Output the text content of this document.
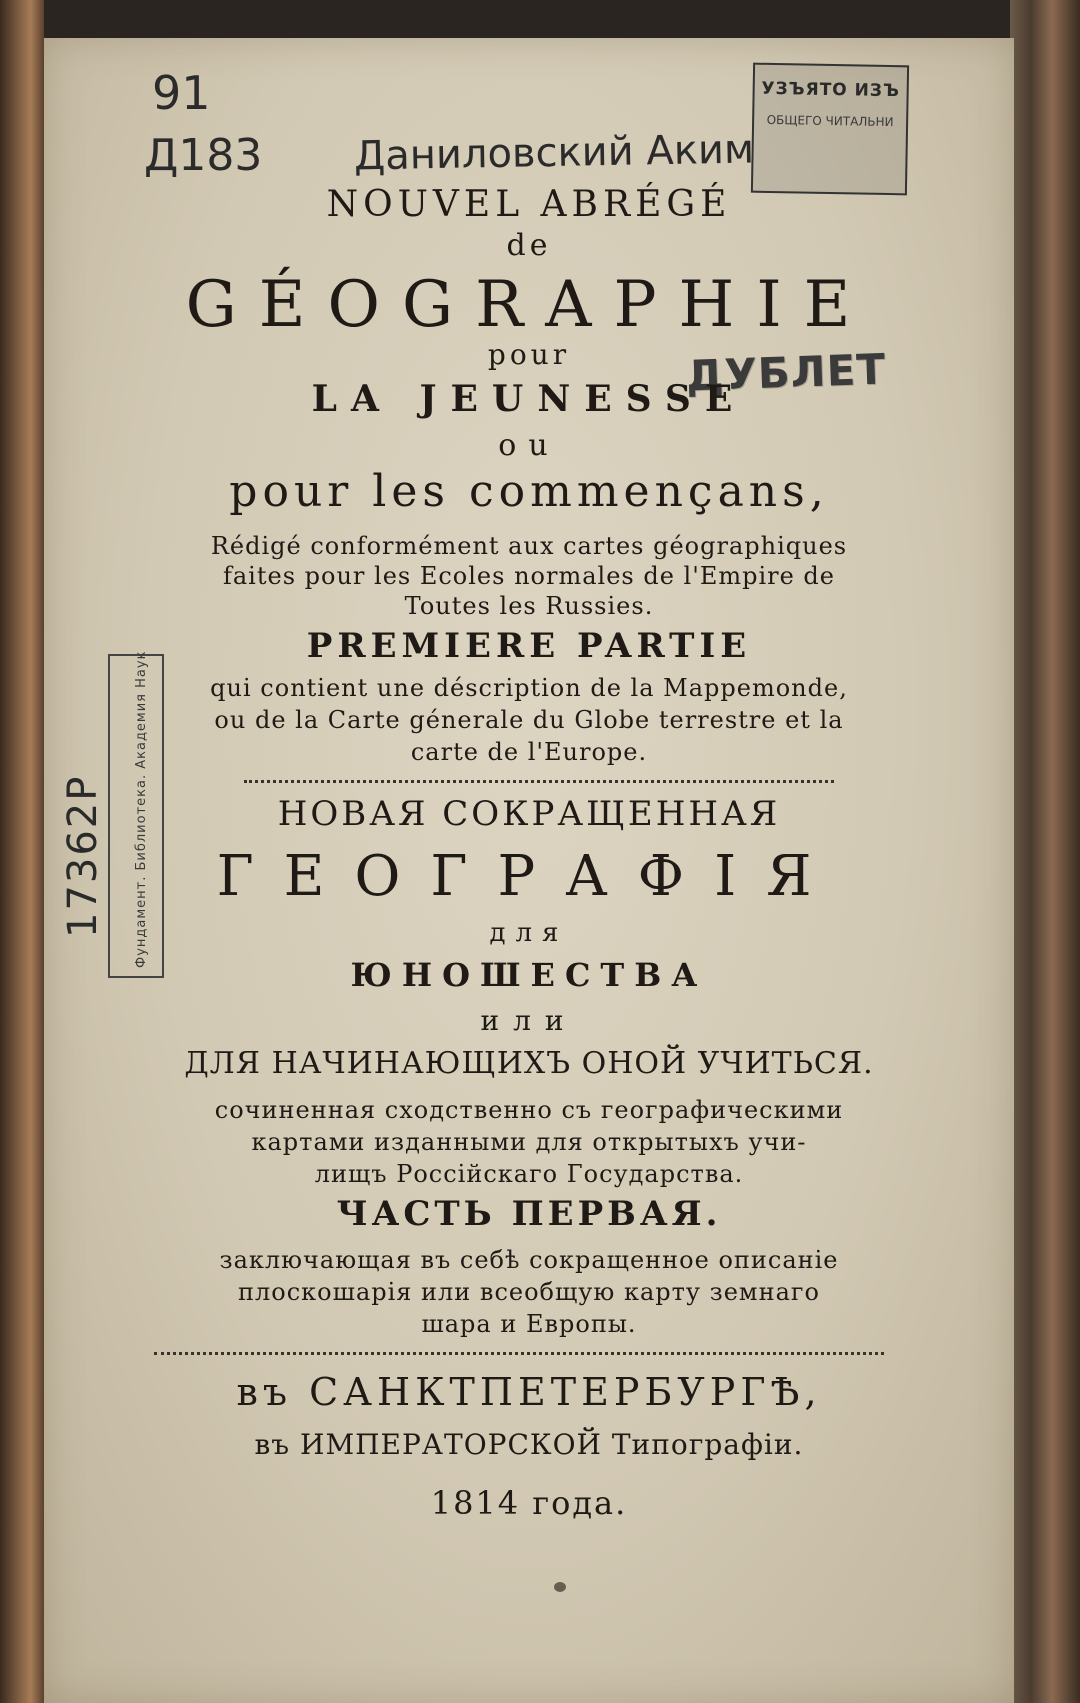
91
Д183 Даниловский Аким
УЗЪЯТО ИЗЪ
ОБЩЕГО ЧИТАЛЬНИ
ДУБЛЕТ
Фундамент. Библиотека. Академия Наук
17362Р
NOUVEL ABRÉGÉ
de
GÉOGRAPHIE
pour
LA JEUNESSE
ou
pour les commençans,
Rédigé conformément aux cartes géographiques
faites pour les Ecoles normales de l'Empire de
Toutes les Russies.
PREMIERE PARTIE
qui contient une déscription de la Mappemonde,
ou de la Carte génerale du Globe terrestre et la
carte de l'Europe.
НОВАЯ СОКРАЩЕННАЯ
ГЕОГРАФІЯ
для
ЮНОШЕСТВА
или
ДЛЯ НАЧИНАЮЩИХЪ ОНОЙ УЧИТЬСЯ.
сочиненная сходственно съ географическими
картами изданными для открытыхъ учи-
лищъ Россійскаго Государства.
ЧАСТЬ ПЕРВАЯ.
заключающая въ себѣ сокращенное описаніе
плоскошарія или всеобщую карту земнаго
шара и Европы.
въ САНКТПЕТЕРБУРГѢ,
въ ИМПЕРАТОРСКОЙ Типографіи.
1814 года.
